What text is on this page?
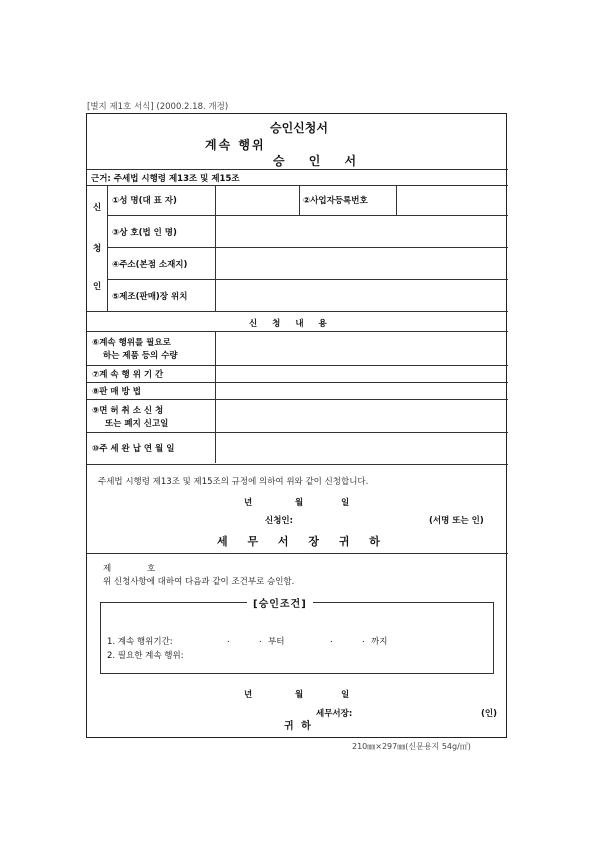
[별지 제1호 서식] (2000.2.18. 개정)
승인신청서
계속 행위
승 인 서
근거: 주세법 시행령 제13조 및 제15조
신
청
인
①성 명(대 표 자)	②사업자등록번호
③상 호(법 인 명)
④주소(본점 소재지)
⑤제조(판매)장 위치
신 청 내 용
⑥계속 행위를 필요로
하는 제품 등의 수량
⑦계 속 행 위 기 간
⑧판 매 방 법
⑨면 허 취 소 신 청
또는 폐지 신고일
⑩주 세 완 납 연 월 일
주세법 시행령 제13조 및 제15조의 규정에 의하여 위와 같이 신청합니다.
년	월	일
신청인:	(서명 또는 인)
세 무 서 장 귀 하
제	호
위 신청사항에 대하여 다음과 같이 조건부로 승인함.
[승인조건]
1. 계속 행위기간:	.	. 부터	.	. 까지
2. 필요한 계속 행위:
년	월	일
세무서장:	(인)
귀 하
210㎜×297㎜(신문용지 54g/㎡)
